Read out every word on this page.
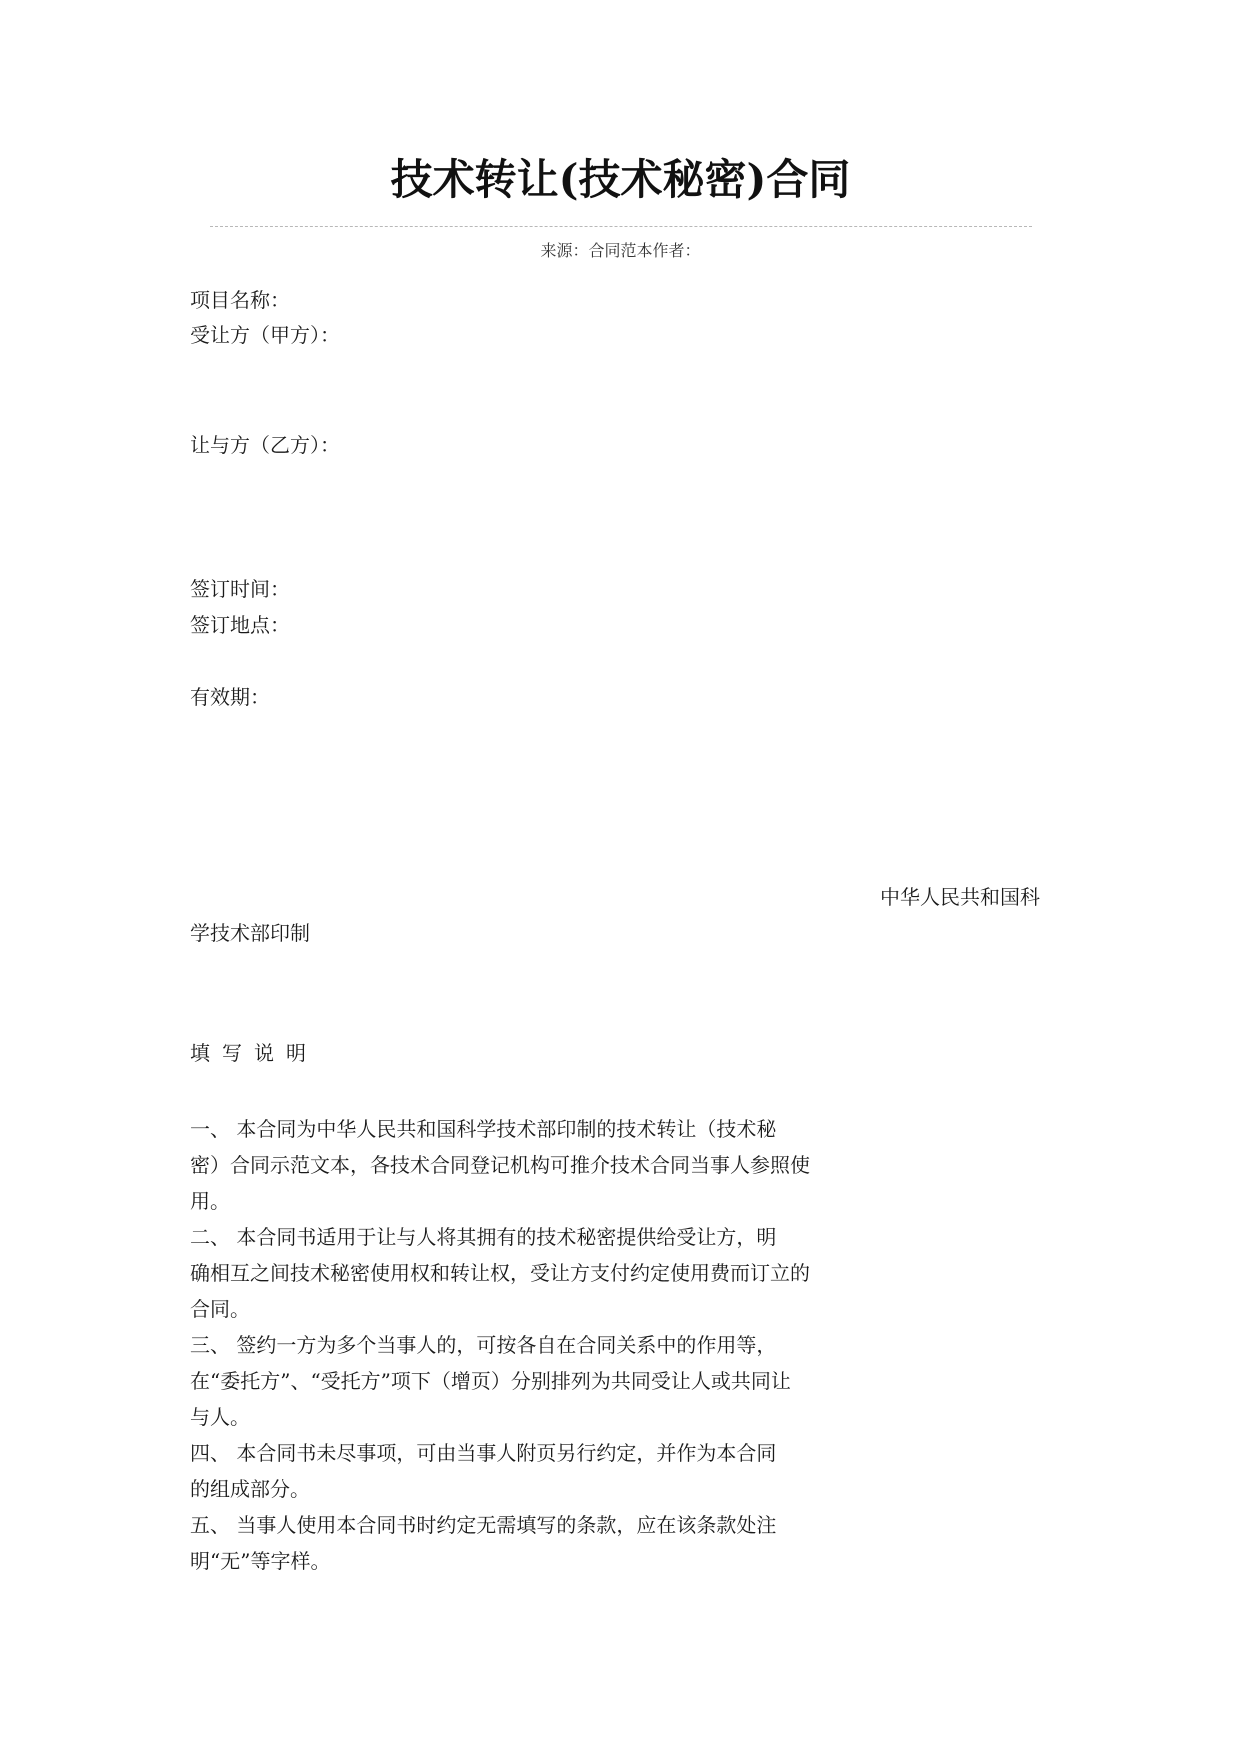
技术转让(技术秘密)合同
来源：合同范本作者：
项目名称：
受让方（甲方）：
让与方（乙方）：
签订时间：
签订地点：
有效期：
中华人民共和国科
学技术部印制
填写说明
一、 本合同为中华人民共和国科学技术部印制的技术转让（技术秘
密）合同示范文本，各技术合同登记机构可推介技术合同当事人参照使
用。
二、 本合同书适用于让与人将其拥有的技术秘密提供给受让方，明
确相互之间技术秘密使用权和转让权，受让方支付约定使用费而订立的
合同。
三、 签约一方为多个当事人的，可按各自在合同关系中的作用等，
在“委托方”、“受托方”项下（增页）分别排列为共同受让人或共同让
与人。
四、 本合同书未尽事项，可由当事人附页另行约定，并作为本合同
的组成部分。
五、 当事人使用本合同书时约定无需填写的条款，应在该条款处注
明“无”等字样。
